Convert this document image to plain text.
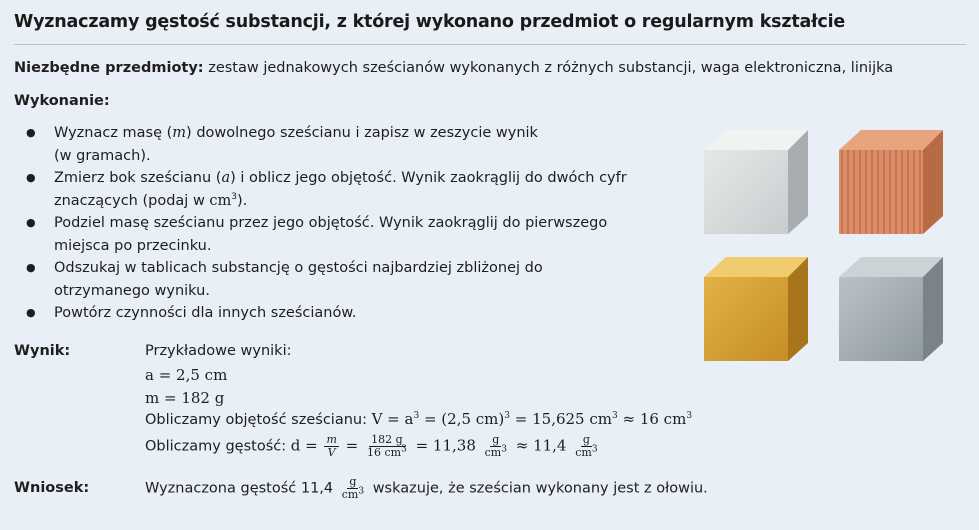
Wyznaczamy gęstość substancji, z której wykonano przedmiot o regularnym kształcie
Niezbędne przedmioty: zestaw jednakowych sześcianów wykonanych z różnych substancji, waga elektroniczna, linijka
Wykonanie:
● Wyznacz masę (m) dowolnego sześcianu i zapisz w zeszycie wynik
(w gramach).
● Zmierz bok sześcianu (a) i oblicz jego objętość. Wynik zaokrąglij do dwóch cyfr
znaczących (podaj w $cm^3$).
● Podziel masę sześcianu przez jego objętość. Wynik zaokrąglij do pierwszego
miejsca po przecinku.
● Odszukaj w tablicach substancję o gęstości najbardziej zbliżonej do
otrzymanego wyniku.
● Powtórz czynności dla innych sześcianów.
Wynik:	Przykładowe wyniki:
a = 2,5 cm
m = 182 g
Obliczamy objętość sześcianu: $V = a^3 = (2,5$ cm)$^3$ = 15,625 $cm^3 \approx 16$ $cm^3$
Obliczamy gęstość: $d = \frac{m}{V} = \frac{182 g}{16 cm^3} = 11,38 \frac{g}{cm^3} \approx 11,4 \frac{g}{cm^3}$
Wniosek:	Wyznaczona gęstość $11,4 \frac{g}{cm^3}$ wskazuje, że sześcian wykonany jest z ołowiu.
